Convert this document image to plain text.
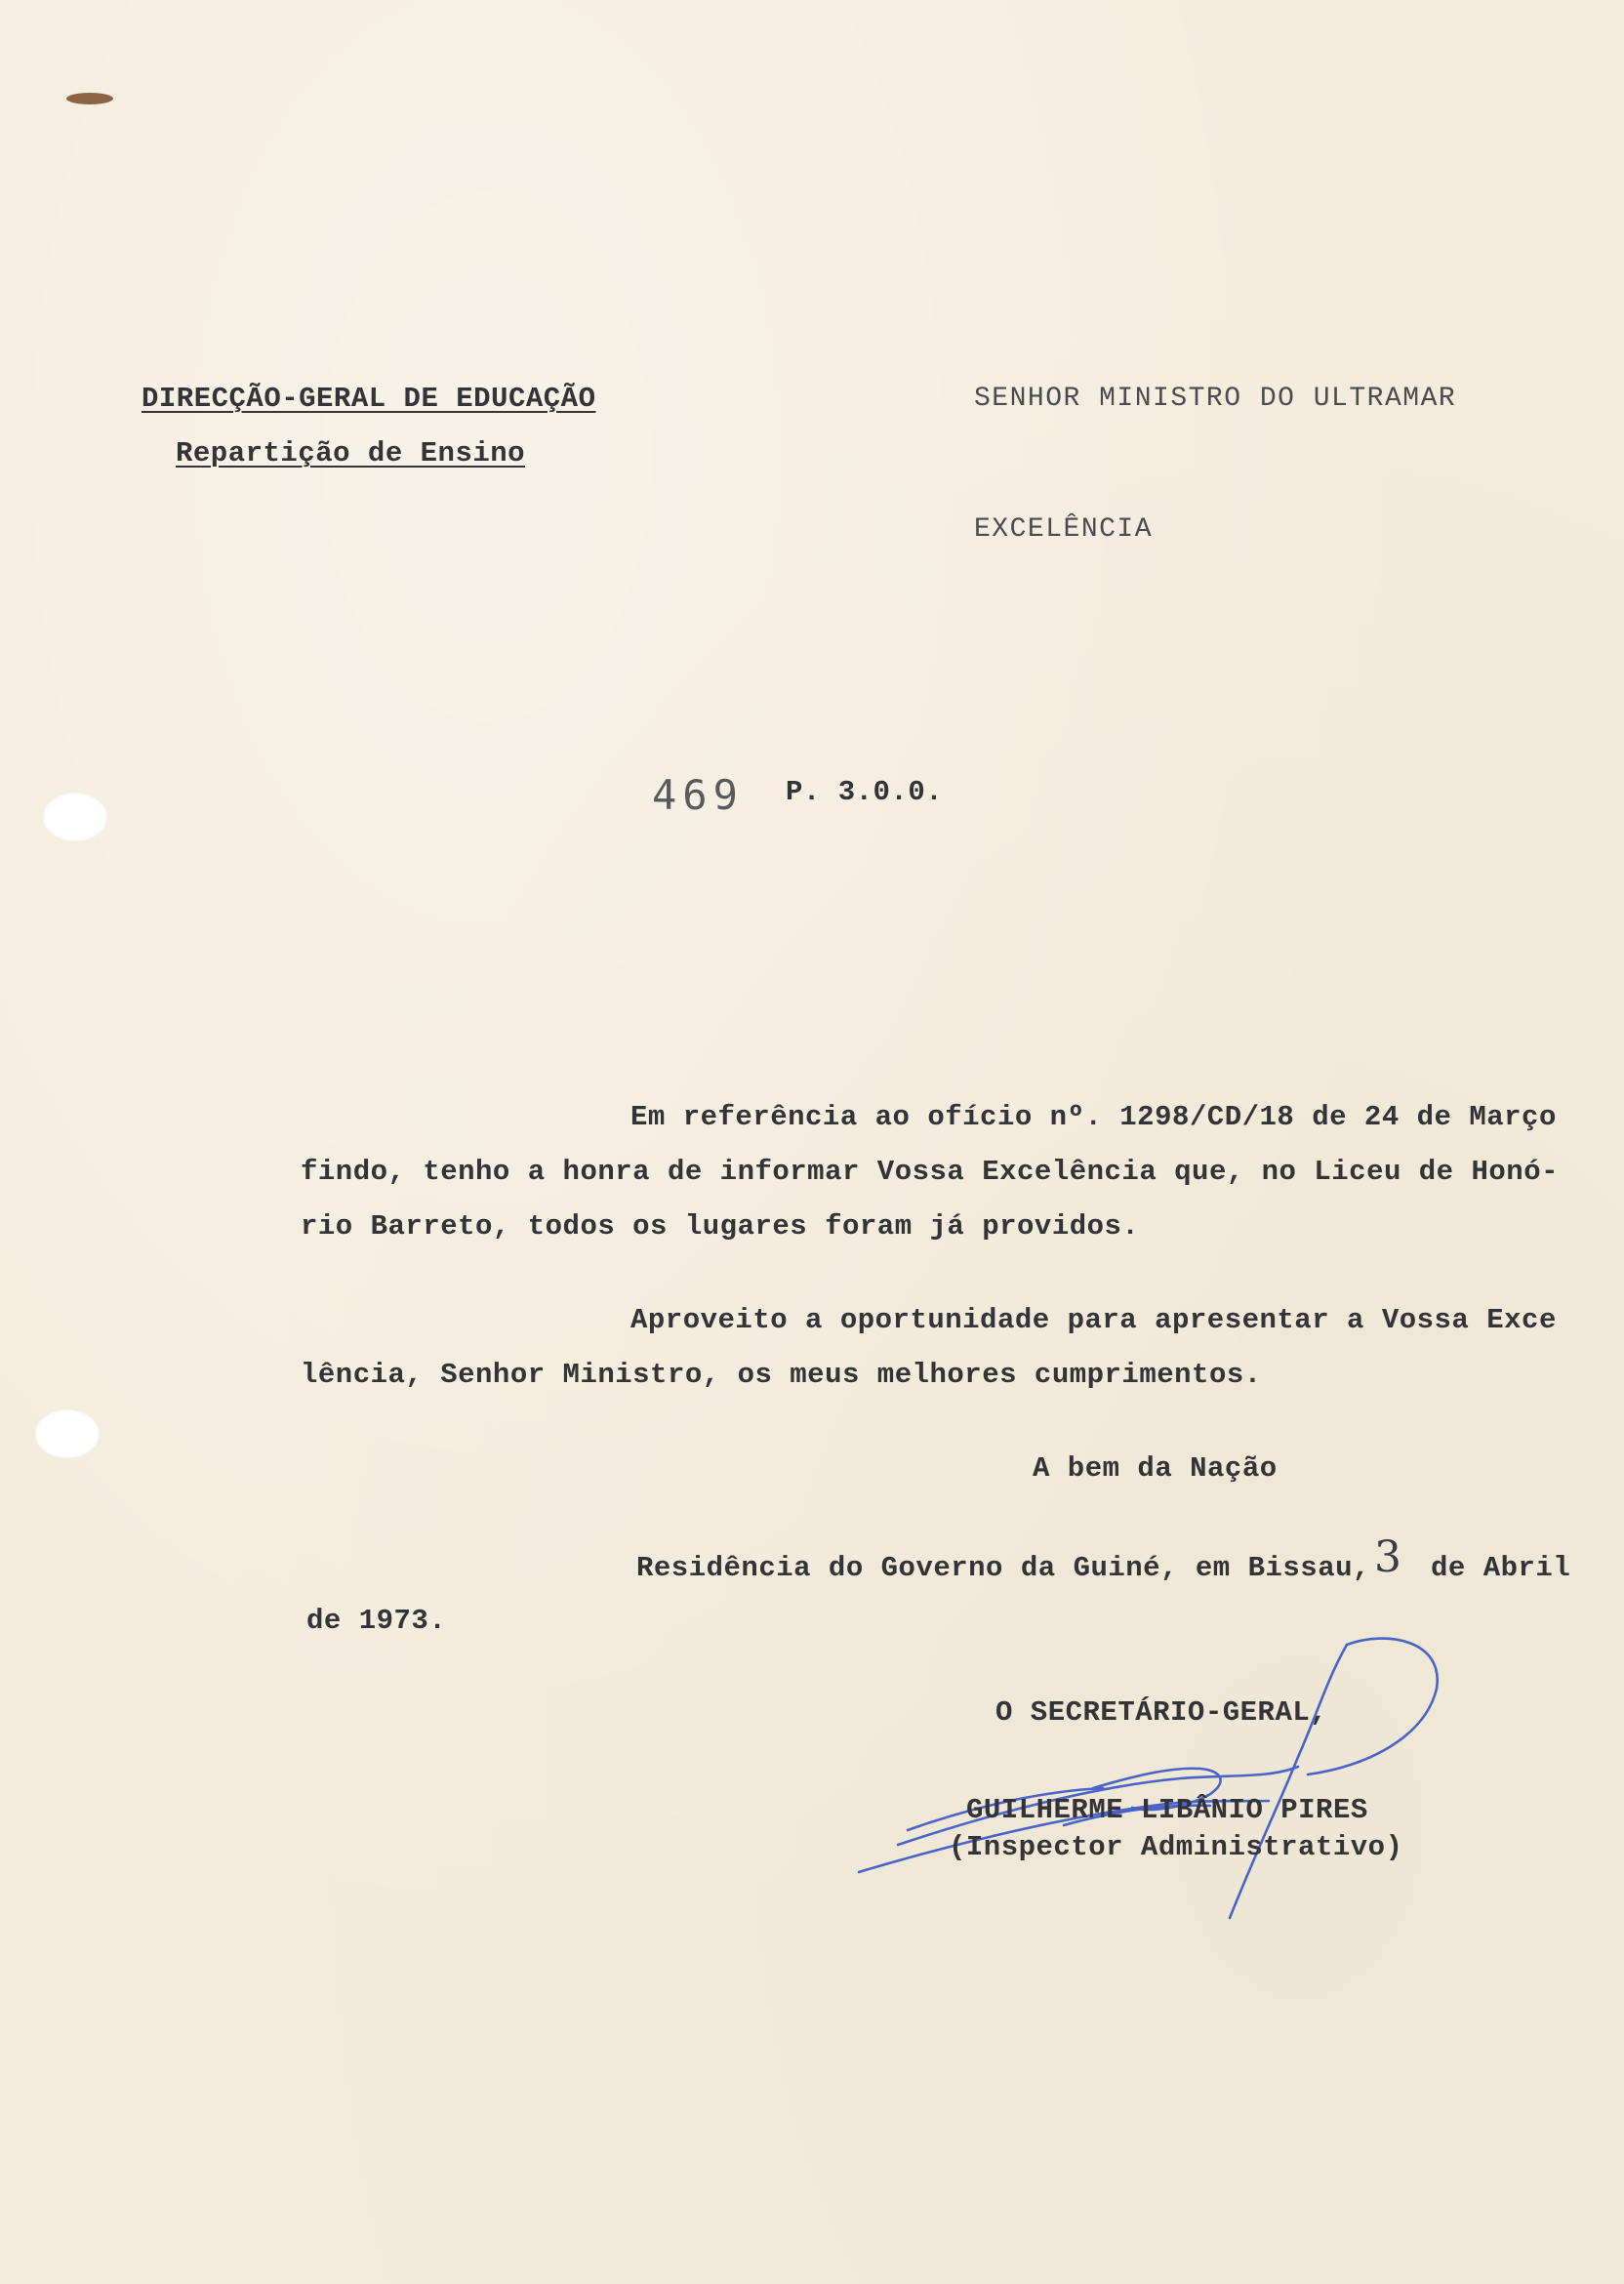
DIRECÇÃO-GERAL DE EDUCAÇÃO
Repartição de Ensino
SENHOR MINISTRO DO ULTRAMAR
EXCELÊNCIA
469 P. 3.0.0.
Em referência ao ofício nº. 1298/CD/18 de 24 de Março
findo, tenho a honra de informar Vossa Excelência que, no Liceu de Honó-
rio Barreto, todos os lugares foram já providos.
Aproveito a oportunidade para apresentar a Vossa Exce
lência, Senhor Ministro, os meus melhores cumprimentos.
A bem da Nação
Residência do Governo da Guiné, em Bissau, 3 de Abril
de 1973.
O SECRETÁRIO-GERAL,
GUILHERME LIBÂNIO PIRES
(Inspector Administrativo)
